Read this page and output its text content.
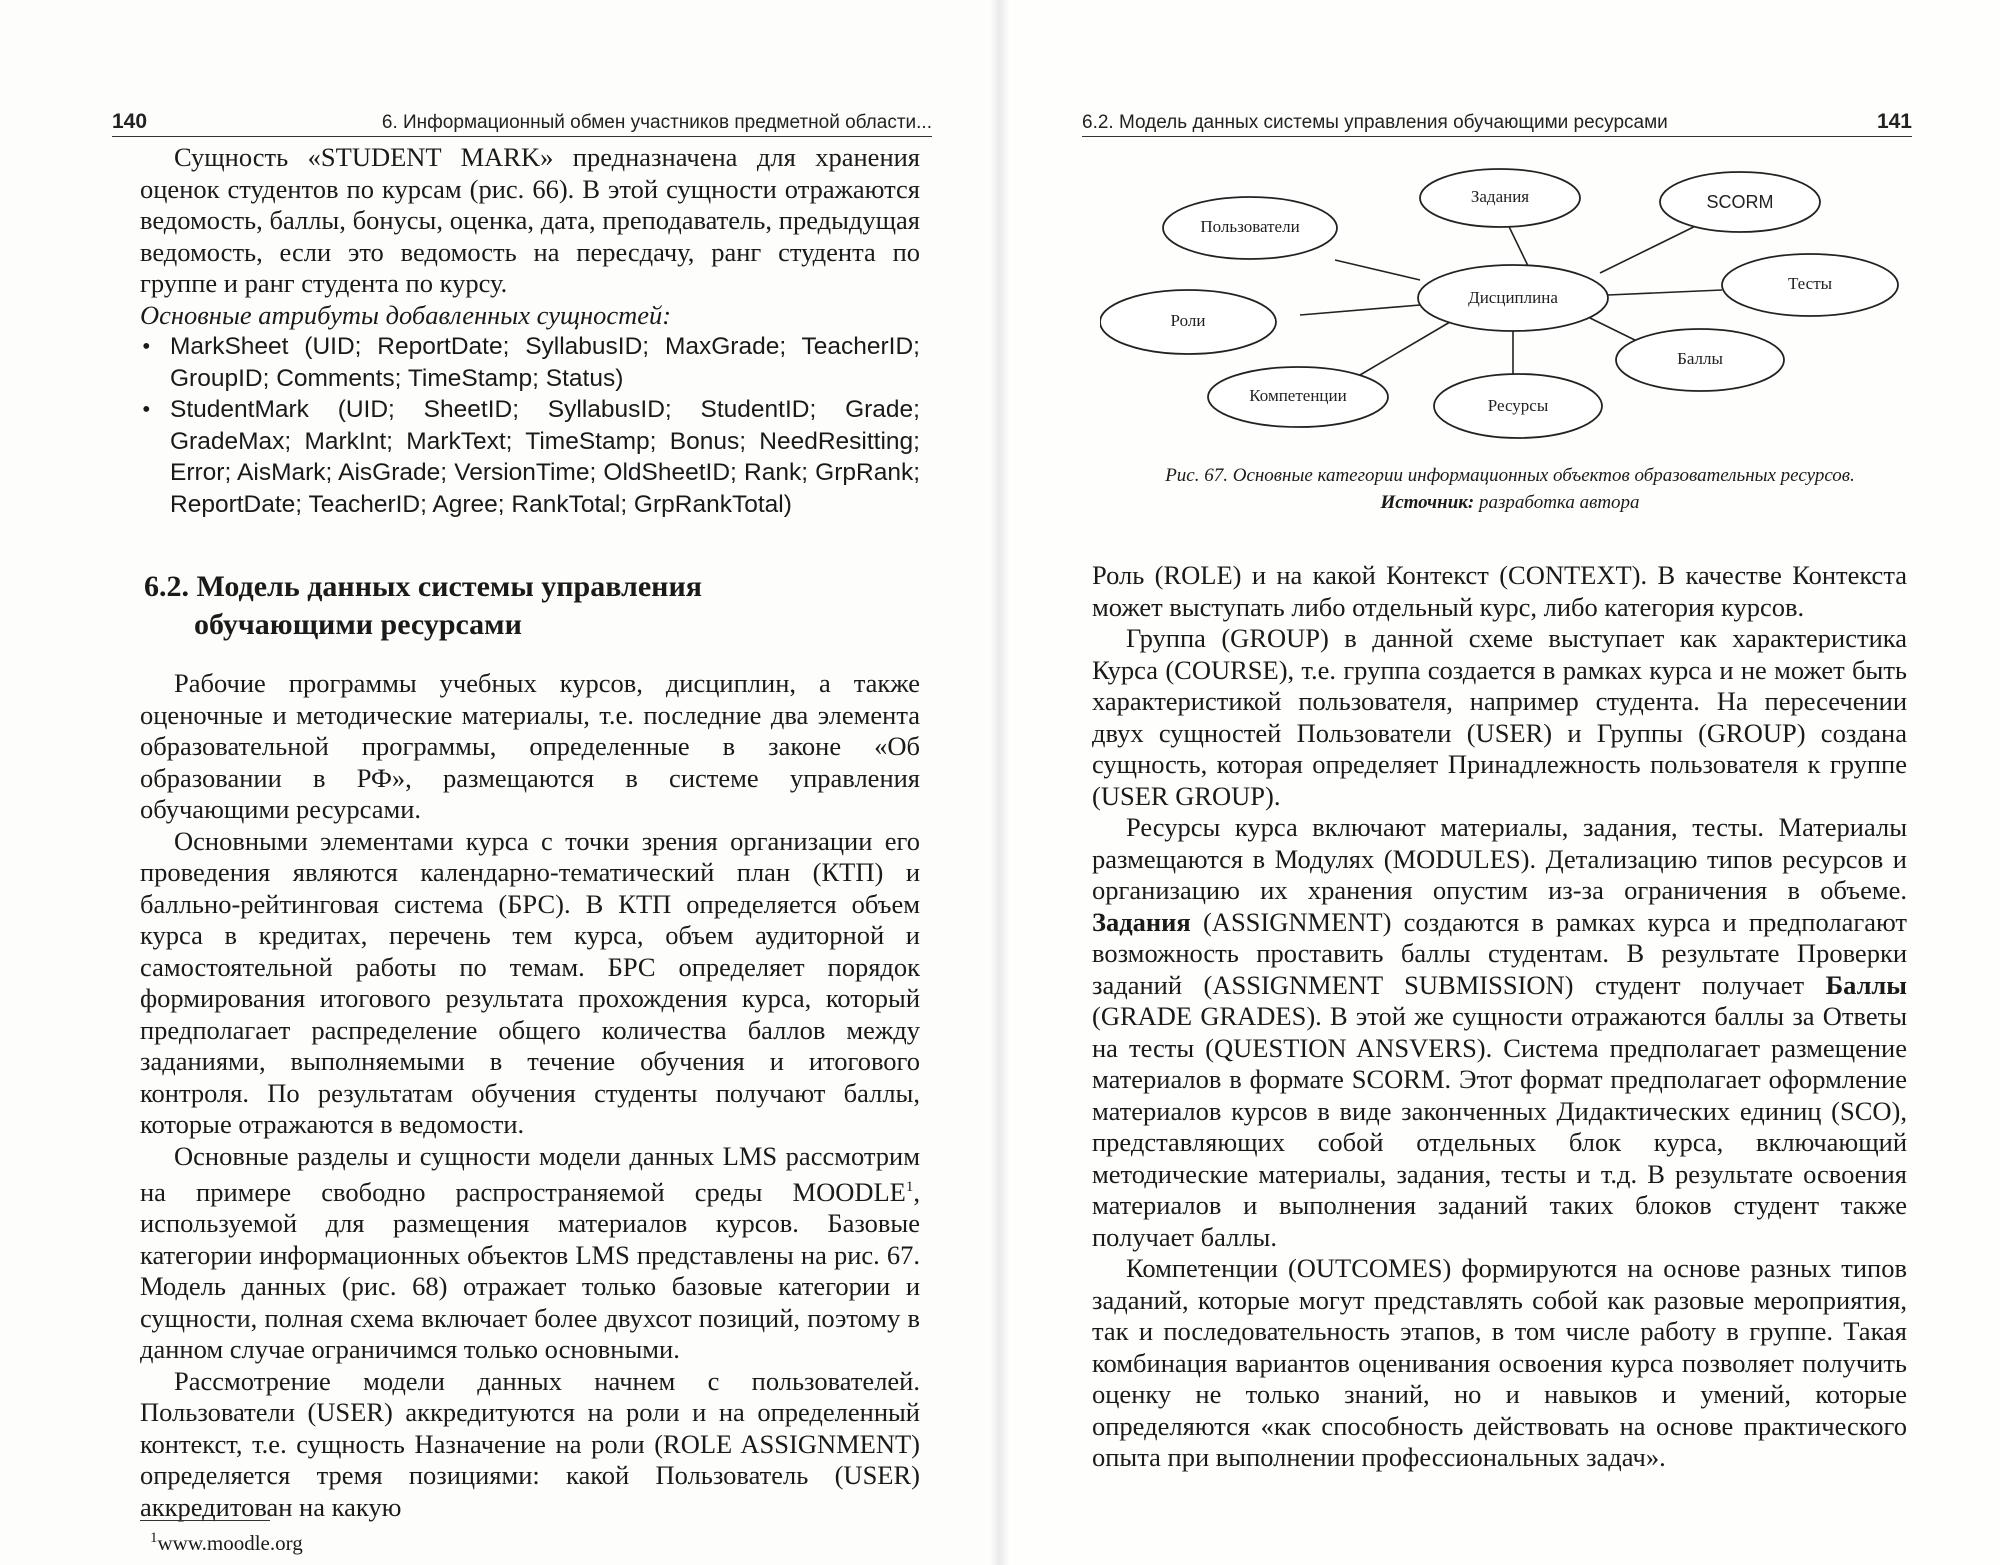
140	6. Информационный обмен участников предметной области...

Сущность «STUDENT MARK» предназначена для хранения оценок студентов по курсам (рис. 66). В этой сущности отражаются ведомость, баллы, бонусы, оценка, дата, преподаватель, предыдущая ведомость, если это ведомость на пересдачу, ранг студента по группе и ранг студента по курсу.

Основные атрибуты добавленных сущностей:

• MarkSheet (UID; ReportDate; SyllabusID; MaxGrade; TeacherID; GroupID; Comments; TimeStamp; Status)
• StudentMark (UID; SheetID; SyllabusID; StudentID; Grade; GradeMax; MarkInt; MarkText; TimeStamp; Bonus; NeedResitting; Error; AisMark; AisGrade; VersionTime; OldSheetID; Rank; GrpRank; ReportDate; TeacherID; Agree; RankTotal; GrpRankTotal)
6.2. Модель данных системы управления
обучающими ресурсами

Рабочие программы учебных курсов, дисциплин, а также оценочные и методические материалы, т.е. последние два элемента образовательной программы, определенные в законе «Об образовании в РФ», размещаются в системе управления обучающими ресурсами.

Основными элементами курса с точки зрения организации его проведения являются календарно-тематический план (КТП) и балльно-рейтинговая система (БРС). В КТП определяется объем курса в кредитах, перечень тем курса, объем аудиторной и самостоятельной работы по темам. БРС определяет порядок формирования итогового результата прохождения курса, который предполагает распределение общего количества баллов между заданиями, выполняемыми в течение обучения и итогового контроля. По результатам обучения студенты получают баллы, которые отражаются в ведомости.

Основные разделы и сущности модели данных LMS рассмотрим на примере свободно распространяемой среды MOODLE$^1$, используемой для размещения материалов курсов. Базовые категории информационных объектов LMS представлены на рис. 67. Модель данных (рис. 68) отражает только базовые категории и сущности, полная схема включает более двухсот позиций, поэтому в данном случае ограничимся только основными.

Рассмотрение модели данных начнем с пользователей. Пользователи (USER) аккредитуются на роли и на определенный контекст, т.е. сущность Назначение на роли (ROLE ASSIGNMENT) определяется тремя позициями: какой Пользователь (USER) аккредитован на какую

$^1$www.moodle.org
6.2. Модель данных системы управления обучающими ресурсами	141

Роль (ROLE) и на какой Контекст (CONTEXT). В качестве Контекста может выступать либо отдельный курс, либо категория курсов.

Группа (GROUP) в данной схеме выступает как характеристика Курса (COURSE), т.е. группа создается в рамках курса и не может быть характеристикой пользователя, например студента. На пересечении двух сущностей Пользователи (USER) и Группы (GROUP) создана сущность, которая определяет Принадлежность пользователя к группе (USER GROUP).

Ресурсы курса включают материалы, задания, тесты. Материалы размещаются в Модулях (MODULES). Детализацию типов ресурсов и организацию их хранения опустим из-за ограничения в объеме. Задания (ASSIGNMENT) создаются в рамках курса и предполагают возможность проставить баллы студентам. В результате Проверки заданий (ASSIGNMENT SUBMISSION) студент получает Баллы (GRADE GRADES). В этой же сущности отражаются баллы за Ответы на тесты (QUESTION ANSVERS). Система предполагает размещение материалов в формате SCORM. Этот формат предполагает оформление материалов курсов в виде законченных Дидактических единиц (SCO), представляющих собой отдельных блок курса, включающий методические материалы, задания, тесты и т.д. В результате освоения материалов и выполнения заданий таких блоков студент также получает баллы.

Компетенции (OUTCOMES) формируются на основе разных типов заданий, которые могут представлять собой как разовые мероприятия, так и последовательность этапов, в том числе работу в группе. Такая комбинация вариантов оценивания освоения курса позволяет получить оценку не только знаний, но и навыков и умений, которые определяются «как способность действовать на основе практического опыта при выполнении профессиональных задач».

Дисциплина
Задания	SCORM
Пользователи
Тесты
Роли
Баллы
Компетенции
Ресурсы
Рис. 67. Основные категории информационных объектов образовательных ресурсов.
Источник: разработка автора
